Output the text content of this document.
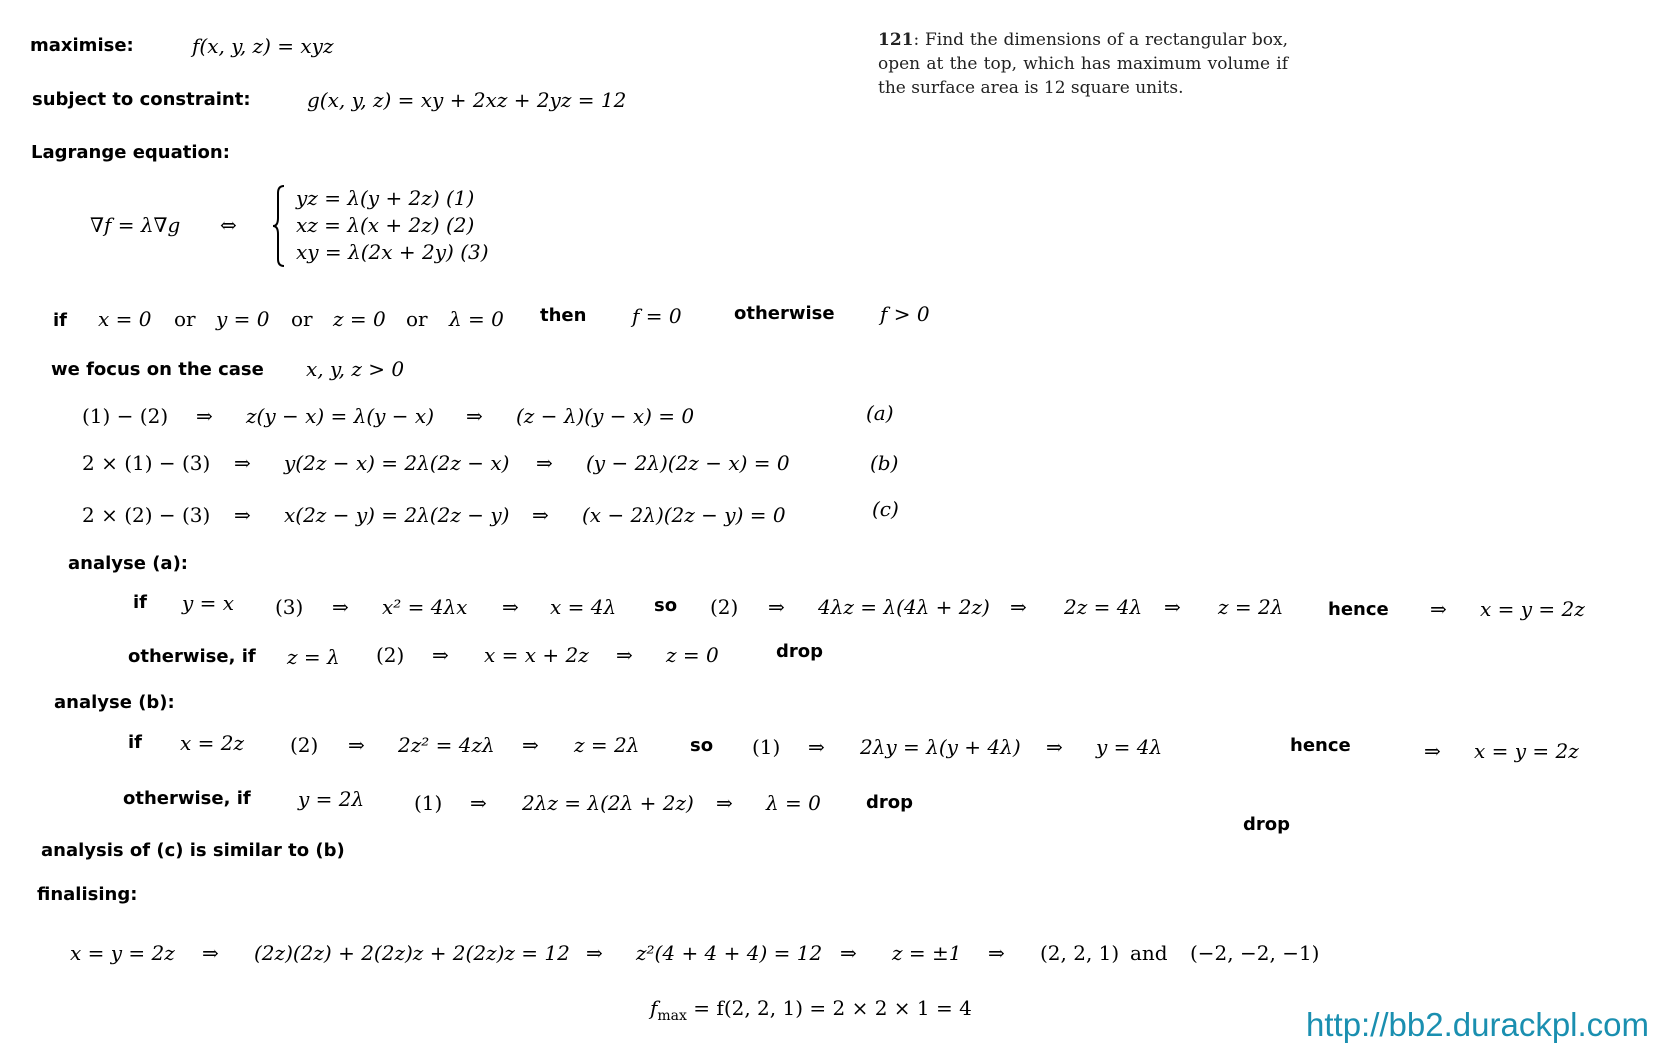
maximise:	f(x, y, z) = xyz
subject to constraint:	g(x, y, z) = xy + 2xz + 2yz = 12
Lagrange equation:
∇f = λ∇g ⇔
yz = λ(y + 2z) (1)
xz = λ(x + 2z) (2)
xy = λ(2x + 2y) (3)
121: Find the dimensions of a rectangular box, open at the top, which has maximum volume if the surface area is 12 square units.
if x = 0 or y = 0 or z = 0 or λ = 0 then f = 0	otherwise f > 0
we focus on the case x, y, z > 0
(1) − (2) ⇒ z(y − x) = λ(y − x) ⇒ (z − λ)(y − x) = 0	(a)
2 × (1) − (3) ⇒ y(2z − x) = 2λ(2z − x) ⇒ (y − 2λ)(2z − x) = 0	(b)
2 × (2) − (3) ⇒ x(2z − y) = 2λ(2z − y) ⇒ (x − 2λ)(2z − y) = 0	(c)
analyse (a):
if y = x (3) ⇒ x² = 4λx ⇒ x = 4λ so (2) ⇒ 4λz = λ(4λ + 2z) ⇒ 2z = 4λ ⇒ z = 2λ hence ⇒ x = y = 2z
otherwise, if z = λ (2) ⇒ x = x + 2z ⇒ z = 0	drop
analyse (b):
if x = 2z (2) ⇒ 2z² = 4zλ ⇒ z = 2λ	so (1) ⇒ 2λy = λ(y + 4λ) ⇒ y = 4λ	hence	⇒ x = y = 2z
otherwise, if y = 2λ (1) ⇒ 2λz = λ(2λ + 2z) ⇒ λ = 0	drop
drop
analysis of (c) is similar to (b)
finalising:
x = y = 2z ⇒ (2z)(2z) + 2(2z)z + 2(2z)z = 12 ⇒ z²(4 + 4 + 4) = 12 ⇒ z = ±1 ⇒ (2, 2, 1) and (−2, −2, −1)
$f_{max} = f(2$, 2, 1) = 2 × 2 × 1 = 4	http://bb2.durackpl.com
